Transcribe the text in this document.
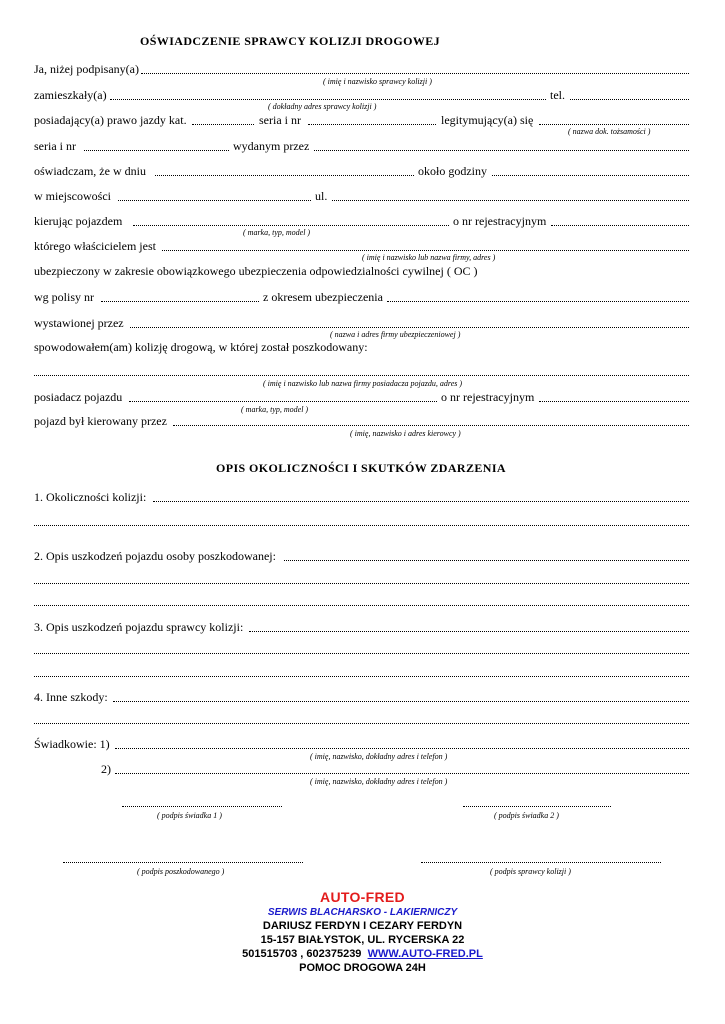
OŚWIADCZENIE SPRAWCY KOLIZJI DROGOWEJ
Ja, niżej podpisany(a)
( imię i nazwisko sprawcy kolizji )
zamieszkały(a)	tel.
( dokładny adres sprawcy kolizji )
posiadający(a) prawo jazdy kat.	seria i nr	legitymujący(a) się
( nazwa dok. tożsamości )
seria i nr	wydanym przez
oświadczam, że w dniu	około godziny
w miejscowości	ul.
kierując pojazdem	o nr rejestracyjnym
( marka, typ, model )
którego właścicielem jest
( imię i nazwisko lub nazwa firmy, adres )
ubezpieczony w zakresie obowiązkowego ubezpieczenia odpowiedzialności cywilnej ( OC )
wg polisy nr	z okresem ubezpieczenia
wystawionej przez
( nazwa i adres firmy ubezpieczeniowej )
spowodowałem(am) kolizję drogową, w której został poszkodowany:
( imię i nazwisko lub nazwa firmy posiadacza pojazdu, adres )
posiadacz pojazdu	o nr rejestracyjnym
( marka, typ, model )
pojazd był kierowany przez
( imię, nazwisko i adres kierowcy )
OPIS OKOLICZNOŚCI I SKUTKÓW ZDARZENIA
1. Okoliczności kolizji:
2. Opis uszkodzeń pojazdu osoby poszkodowanej:
3. Opis uszkodzeń pojazdu sprawcy kolizji:
4. Inne szkody:
Świadkowie: 1)
( imię, nazwisko, dokładny adres i telefon )
2)
( imię, nazwisko, dokładny adres i telefon )
( podpis świadka 1 )	( podpis świadka 2 )
( podpis poszkodowanego )	( podpis sprawcy kolizji )
AUTO-FRED
SERWIS BLACHARSKO - LAKIERNICZY
DARIUSZ FERDYN I CEZARY FERDYN
15-157 BIAŁYSTOK, UL. RYCERSKA 22
501515703 , 602375239 WWW.AUTO-FRED.PL
POMOC DROGOWA 24H
